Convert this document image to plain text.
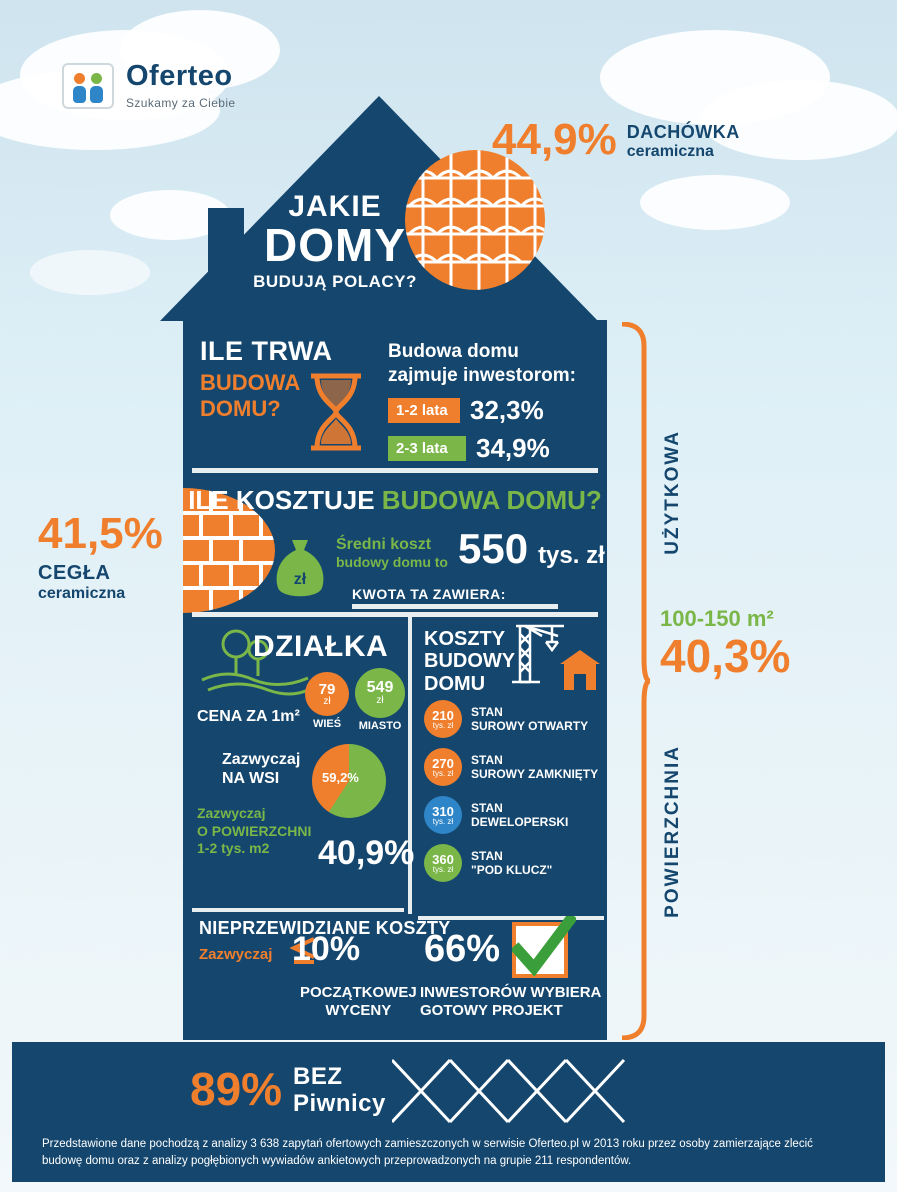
Oferteo
Szukamy za Ciebie
JAKIE
DOMY
BUDUJĄ POLACY?
44,9% DACHÓWKA
ceramiczna
41,5%
CEGŁA
ceramiczna
UŻYTKOWA
POWIERZCHNIA
100-150 m²
40,3%
ILE TRWA
BUDOWA
DOMU?
Budowa domu
zajmuje inwestorom:
1-2 lata 32,3%
2-3 lata	34,9%
ILE KOSZTUJE BUDOWA DOMU?
zł
Średni koszt
budowy domu to 550 tys. zł
KWOTA TA ZAWIERA:
DZIAŁKA
CENA ZA 1m²
79
zł
WIEŚ
549
zł
MIASTO
Zazwyczaj
NA WSI	59,2%
Zazwyczaj
O POWIERZCHNI
1-2 tys. m2	40,9%
KOSZTY
BUDOWY
DOMU
210
tys. zł
STAN
SUROWY OTWARTY
270
tys. zł
STAN
SUROWY ZAMKNIĘTY
310
tys. zł
STAN
DEWELOPERSKI
360
tys. zł
STAN
"POD KLUCZ"
NIEPRZEWIDZIANE KOSZTY
Zazwyczaj 10%
POCZĄTKOWEJ
WYCENY
66%
INWESTORÓW WYBIERA
GOTOWY PROJEKT
89% BEZ
Piwnicy
Przedstawione dane pochodzą z analizy 3 638 zapytań ofertowych zamieszczonych w serwisie Oferteo.pl w 2013 roku przez osoby zamierzające zlecić budowę domu oraz z analizy pogłębionych wywiadów ankietowych przeprowadzonych na grupie 211 respondentów.
